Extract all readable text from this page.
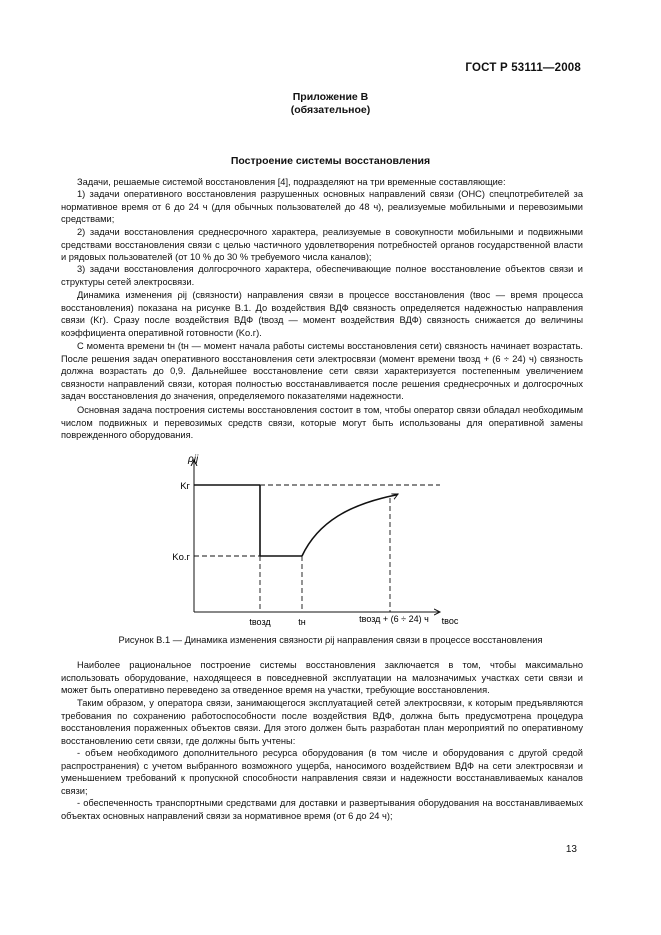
ГОСТ Р 53111—2008
Приложение В
(обязательное)
Построение системы восстановления
Задачи, решаемые системой восстановления [4], подразделяют на три временные составляющие:
1) задачи оперативного восстановления разрушенных основных направлений связи (ОНС) спецпотребителей за нормативное время от 6 до 24 ч (для обычных пользователей до 48 ч), реализуемые мобильными и перевозимыми средствами;
2) задачи восстановления среднесрочного характера, реализуемые в совокупности мобильными и подвижными средствами восстановления связи с целью частичного удовлетворения потребностей органов государственной власти и рядовых пользователей (от 10 % до 30 % требуемого числа каналов);
3) задачи восстановления долгосрочного характера, обеспечивающие полное восстановление объектов связи и структуры сетей электросвязи.
Динамика изменения ρij (связности) направления связи в процессе восстановления (tвос — время процесса восстановления) показана на рисунке В.1. До воздействия ВДФ связность определяется надежностью направления связи (Kг). Сразу после воздействия ВДФ (tвозд — момент воздействия ВДФ) связность снижается до величины коэффициента оперативной готовности (Kо.г).
С момента времени tн (tн — момент начала работы системы восстановления сети) связность начинает возрастать. После решения задач оперативного восстановления сети электросвязи (момент времени tвозд + (6 ÷ 24) ч) связность должна возрастать до 0,9. Дальнейшее восстановление сети связи характеризуется постепенным увеличением связности направлений связи, которая полностью восстанавливается после решения среднесрочных и долгосрочных задач восстановления до значения, определяемого показателями надежности.
Основная задача построения системы восстановления состоит в том, чтобы оператор связи обладал необходимым числом подвижных и перевозимых средств связи, которые могут быть использованы для оперативной замены поврежденного оборудования.
ρij
Kг
Kо.г
tвозд	tн	tвозд + (6 ÷ 24) ч tвос
Рисунок В.1 — Динамика изменения связности ρij направления связи в процессе восстановления
Наиболее рациональное построение системы восстановления заключается в том, чтобы максимально использовать оборудование, находящееся в повседневной эксплуатации на малозначимых участках сети связи и может быть оперативно переведено за отведенное время на участки, требующие восстановления.
Таким образом, у оператора связи, занимающегося эксплуатацией сетей электросвязи, к которым предъявляются требования по сохранению работоспособности после воздействия ВДФ, должна быть предусмотрена процедура восстановления пораженных объектов связи. Для этого должен быть разработан план мероприятий по оперативному восстановлению сети связи, где должны быть учтены:
- объем необходимого дополнительного ресурса оборудования (в том числе и оборудования с другой средой распространения) с учетом выбранного возможного ущерба, наносимого воздействием ВДФ на сети электросвязи и уменьшением требований к пропускной способности направления связи и надежности восстанавливаемых каналов связи;
- обеспеченность транспортными средствами для доставки и развертывания оборудования на восстанавливаемых объектах основных направлений связи за нормативное время (от 6 до 24 ч);
13
